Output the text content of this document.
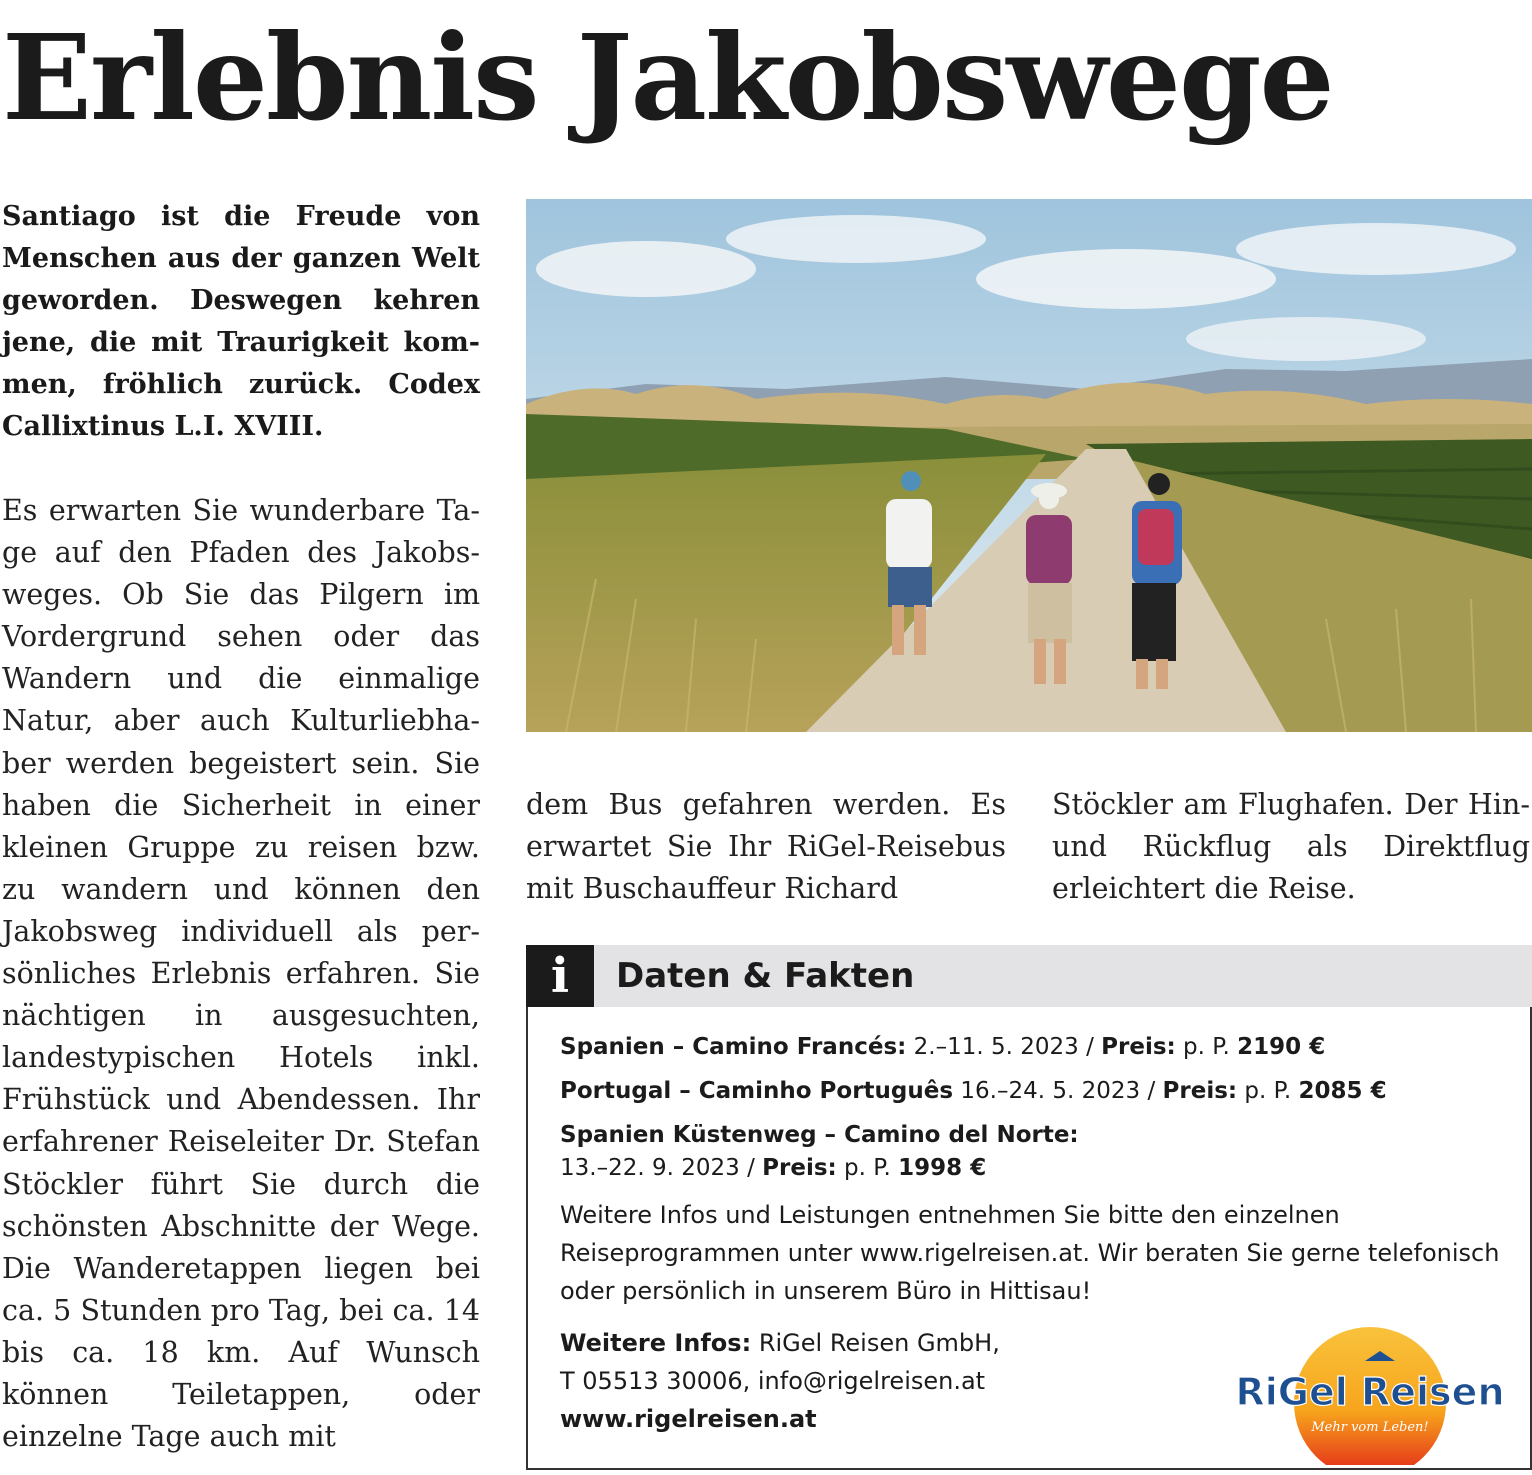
Erlebnis Jakobswege
Santiago ist die Freude von Menschen aus der ganzen Welt geworden. Deswegen kehren jene, die mit Traurigkeit kommen, fröhlich zurück. Codex Callixtinus L.I. XVIII.
Es erwarten Sie wunderbare Tage auf den Pfaden des Jakobsweges. Ob Sie das Pilgern im Vordergrund sehen oder das Wandern und die einmalige Natur, aber auch Kulturliebhaber werden begeistert sein. Sie haben die Sicherheit in einer kleinen Gruppe zu reisen bzw. zu wandern und können den Jakobsweg individuell als persönliches Erlebnis erfahren. Sie nächtigen in ausgesuchten, landestypischen Hotels inkl. Frühstück und Abendessen. Ihr erfahrener Reiseleiter Dr. Stefan Stöckler führt Sie durch die schönsten Abschnitte der Wege. Die Wanderetappen liegen bei ca. 5 Stunden pro Tag, bei ca. 14 bis ca. 18 km. Auf Wunsch können Teiletappen, oder einzelne Tage auch mit
dem Bus gefahren werden. Es erwartet Sie Ihr RiGel-Reisebus mit Buschauffeur Richard
Stöckler am Flughafen. Der Hin- und Rückflug als Direktflug erleichtert die Reise.
i	Daten & Fakten
Spanien – Camino Francés: 2.–11. 5. 2023 / Preis: p. P. 2190 €
Portugal – Caminho Português 16.–24. 5. 2023 / Preis: p. P. 2085 €
Spanien Küstenweg – Camino del Norte:
13.–22. 9. 2023 / Preis: p. P. 1998 €
Weitere Infos und Leistungen entnehmen Sie bitte den einzelnen Reiseprogrammen unter www.rigelreisen.at. Wir beraten Sie gerne telefonisch oder persönlich in unserem Büro in Hittisau!
Weitere Infos: RiGel Reisen GmbH,
T 05513 30006, info@rigelreisen.at
www.rigelreisen.at
RiGel Reisen
Mehr vom Leben!
